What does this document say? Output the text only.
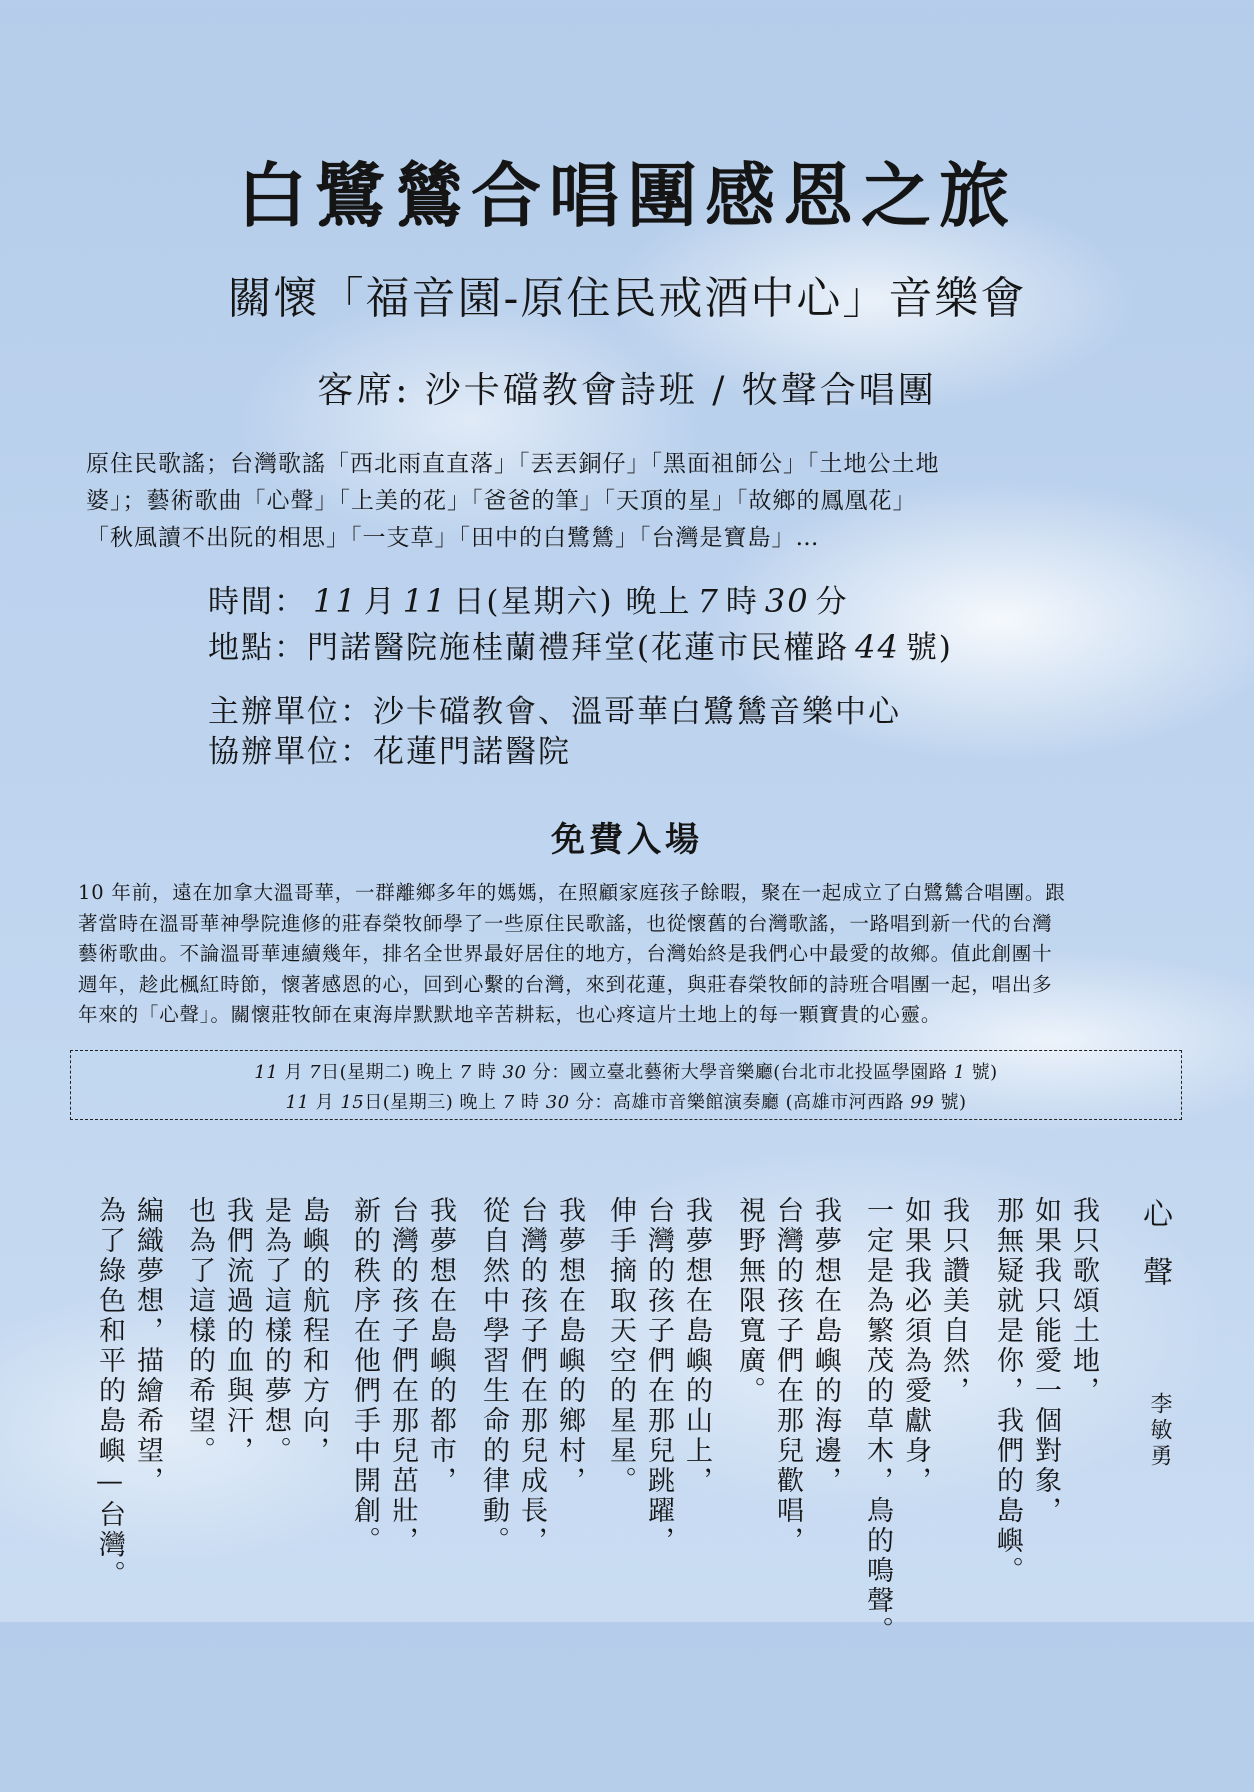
白鷺鷥合唱團感恩之旅
關懷「福音園-原住民戒酒中心」音樂會
客席: 沙卡礑教會詩班 / 牧聲合唱團
原住民歌謠；台灣歌謠「西北雨直直落」「丟丟銅仔」「黑面祖師公」「土地公土地
婆」；藝術歌曲「心聲」「上美的花」「爸爸的筆」「天頂的星」「故鄉的鳳凰花」
「秋風讀不出阮的相思」「一支草」「田中的白鷺鷥」「台灣是寶島」…
時間： 11 月 11 日(星期六) 晚上 7 時 30 分
地點：門諾醫院施桂蘭禮拜堂(花蓮市民權路 44 號)
主辦單位：沙卡礑教會、溫哥華白鷺鷥音樂中心
協辦單位：花蓮門諾醫院
免費入場
10 年前，遠在加拿大溫哥華，一群離鄉多年的媽媽，在照顧家庭孩子餘暇，聚在一起成立了白鷺鷥合唱團。跟
著當時在溫哥華神學院進修的莊春榮牧師學了一些原住民歌謠，也從懷舊的台灣歌謠，一路唱到新一代的台灣
藝術歌曲。不論溫哥華連續幾年，排名全世界最好居住的地方，台灣始終是我們心中最愛的故鄉。值此創團十
週年，趁此楓紅時節，懷著感恩的心，回到心繫的台灣，來到花蓮，與莊春榮牧師的詩班合唱團一起，唱出多
年來的「心聲」。關懷莊牧師在東海岸默默地辛苦耕耘，也心疼這片土地上的每一顆寶貴的心靈。
11 月 7日(星期二) 晚上 7 時 30 分：國立臺北藝術大學音樂廳(台北市北投區學園路 1 號)
11 月 15日(星期三) 晚上 7 時 30 分：高雄市音樂館演奏廳 (高雄市河西路 99 號)
心聲
李敏勇
我只歌頌土地，
如果我只能愛一個對象，
那無疑就是你，我們的島嶼。
我只讚美自然，
如果我必須為愛獻身，
一定是為繁茂的草木，鳥的鳴聲。
我夢想在島嶼的海邊，
台灣的孩子們在那兒歡唱，
視野無限寬廣。
我夢想在島嶼的山上，
台灣的孩子們在那兒跳躍，
伸手摘取天空的星星。
我夢想在島嶼的鄉村，
台灣的孩子們在那兒成長，
從自然中學習生命的律動。
我夢想在島嶼的都市，
台灣的孩子們在那兒茁壯，
新的秩序在他們手中開創。
島嶼的航程和方向，
是為了這樣的夢想。
我們流過的血與汗，
也為了這樣的希望。
編織夢想，描繪希望，
為了綠色和平的島嶼—台灣。
